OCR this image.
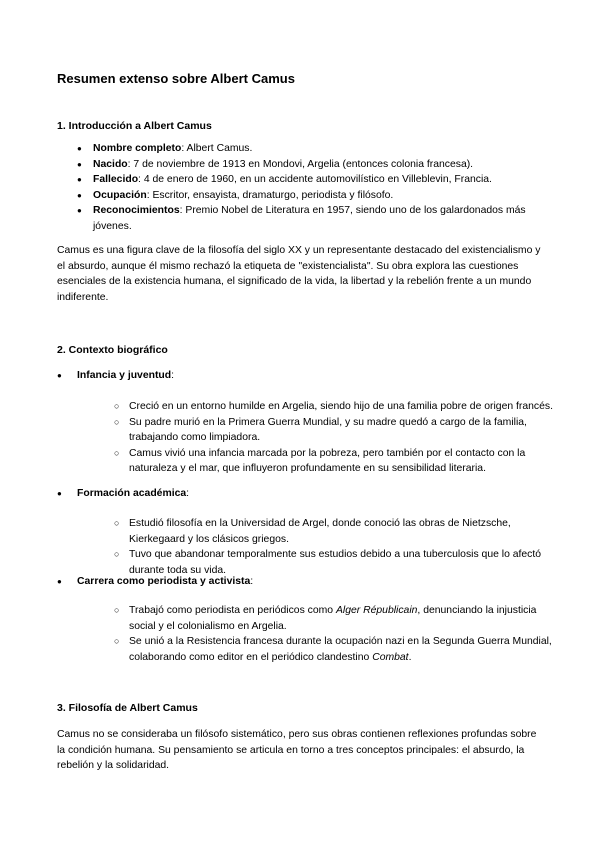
Resumen extenso sobre Albert Camus
1. Introducción a Albert Camus
● Nombre completo: Albert Camus.
● Nacido: 7 de noviembre de 1913 en Mondovi, Argelia (entonces colonia francesa).
● Fallecido: 4 de enero de 1960, en un accidente automovilístico en Villeblevin, Francia.
● Ocupación: Escritor, ensayista, dramaturgo, periodista y filósofo.
● Reconocimientos: Premio Nobel de Literatura en 1957, siendo uno de los galardonados más jóvenes.
Camus es una figura clave de la filosofía del siglo XX y un representante destacado del existencialismo y el absurdo, aunque él mismo rechazó la etiqueta de "existencialista". Su obra explora las cuestiones esenciales de la existencia humana, el significado de la vida, la libertad y la rebelión frente a un mundo indiferente.
2. Contexto biográfico
● Infancia y juventud:
○ Creció en un entorno humilde en Argelia, siendo hijo de una familia pobre de origen francés.
○ Su padre murió en la Primera Guerra Mundial, y su madre quedó a cargo de la familia, trabajando como limpiadora.
○ Camus vivió una infancia marcada por la pobreza, pero también por el contacto con la naturaleza y el mar, que influyeron profundamente en su sensibilidad literaria.
● Formación académica:
○ Estudió filosofía en la Universidad de Argel, donde conoció las obras de Nietzsche, Kierkegaard y los clásicos griegos.
○ Tuvo que abandonar temporalmente sus estudios debido a una tuberculosis que lo afectó durante toda su vida.
● Carrera como periodista y activista:
○ Trabajó como periodista en periódicos como Alger Républicain, denunciando la injusticia social y el colonialismo en Argelia.
○ Se unió a la Resistencia francesa durante la ocupación nazi en la Segunda Guerra Mundial, colaborando como editor en el periódico clandestino Combat.
3. Filosofía de Albert Camus
Camus no se consideraba un filósofo sistemático, pero sus obras contienen reflexiones profundas sobre la condición humana. Su pensamiento se articula en torno a tres conceptos principales: el absurdo, la rebelión y la solidaridad.
